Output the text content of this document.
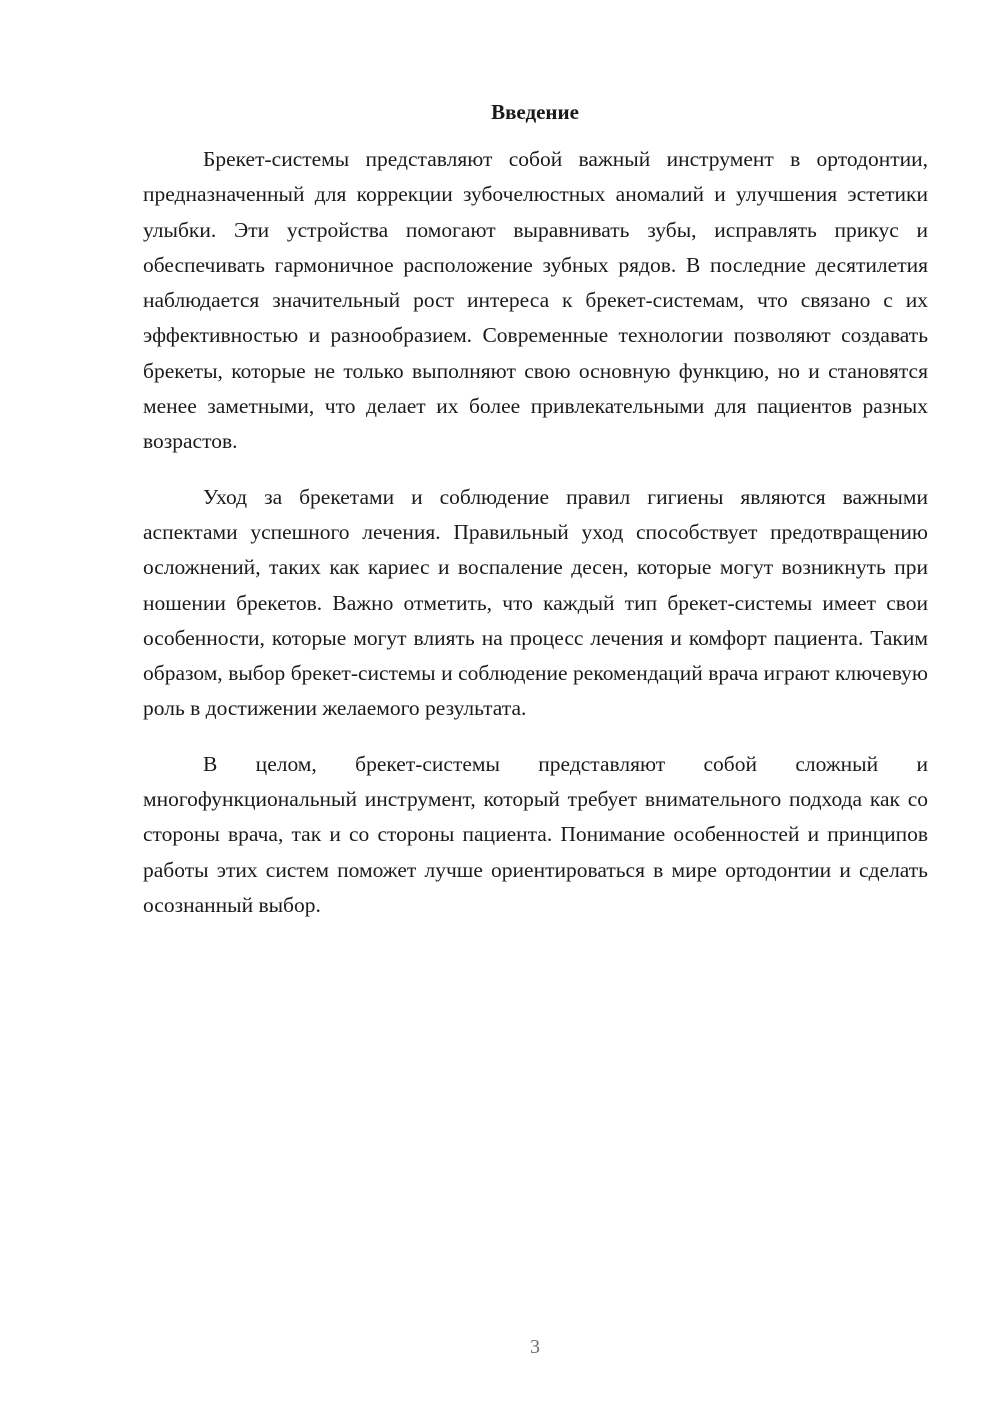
Введение

Брекет-системы представляют собой важный инструмент в ортодонтии, предназначенный для коррекции зубочелюстных аномалий и улучшения эстетики улыбки. Эти устройства помогают выравнивать зубы, исправлять прикус и обеспечивать гармоничное расположение зубных рядов. В последние десятилетия наблюдается значительный рост интереса к брекет-системам, что связано с их эффективностью и разнообразием. Современные технологии позволяют создавать брекеты, которые не только выполняют свою основную функцию, но и становятся менее заметными, что делает их более привлекательными для пациентов разных возрастов.

Уход за брекетами и соблюдение правил гигиены являются важными аспектами успешного лечения. Правильный уход способствует предотвращению осложнений, таких как кариес и воспаление десен, которые могут возникнуть при ношении брекетов. Важно отметить, что каждый тип брекет-системы имеет свои особенности, которые могут влиять на процесс лечения и комфорт пациента. Таким образом, выбор брекет-системы и соблюдение рекомендаций врача играют ключевую роль в достижении желаемого результата.

В целом, брекет-системы представляют собой сложный и многофункциональный инструмент, который требует внимательного подхода как со стороны врача, так и со стороны пациента. Понимание особенностей и принципов работы этих систем поможет лучше ориентироваться в мире ортодонтии и сделать осознанный выбор.

3
